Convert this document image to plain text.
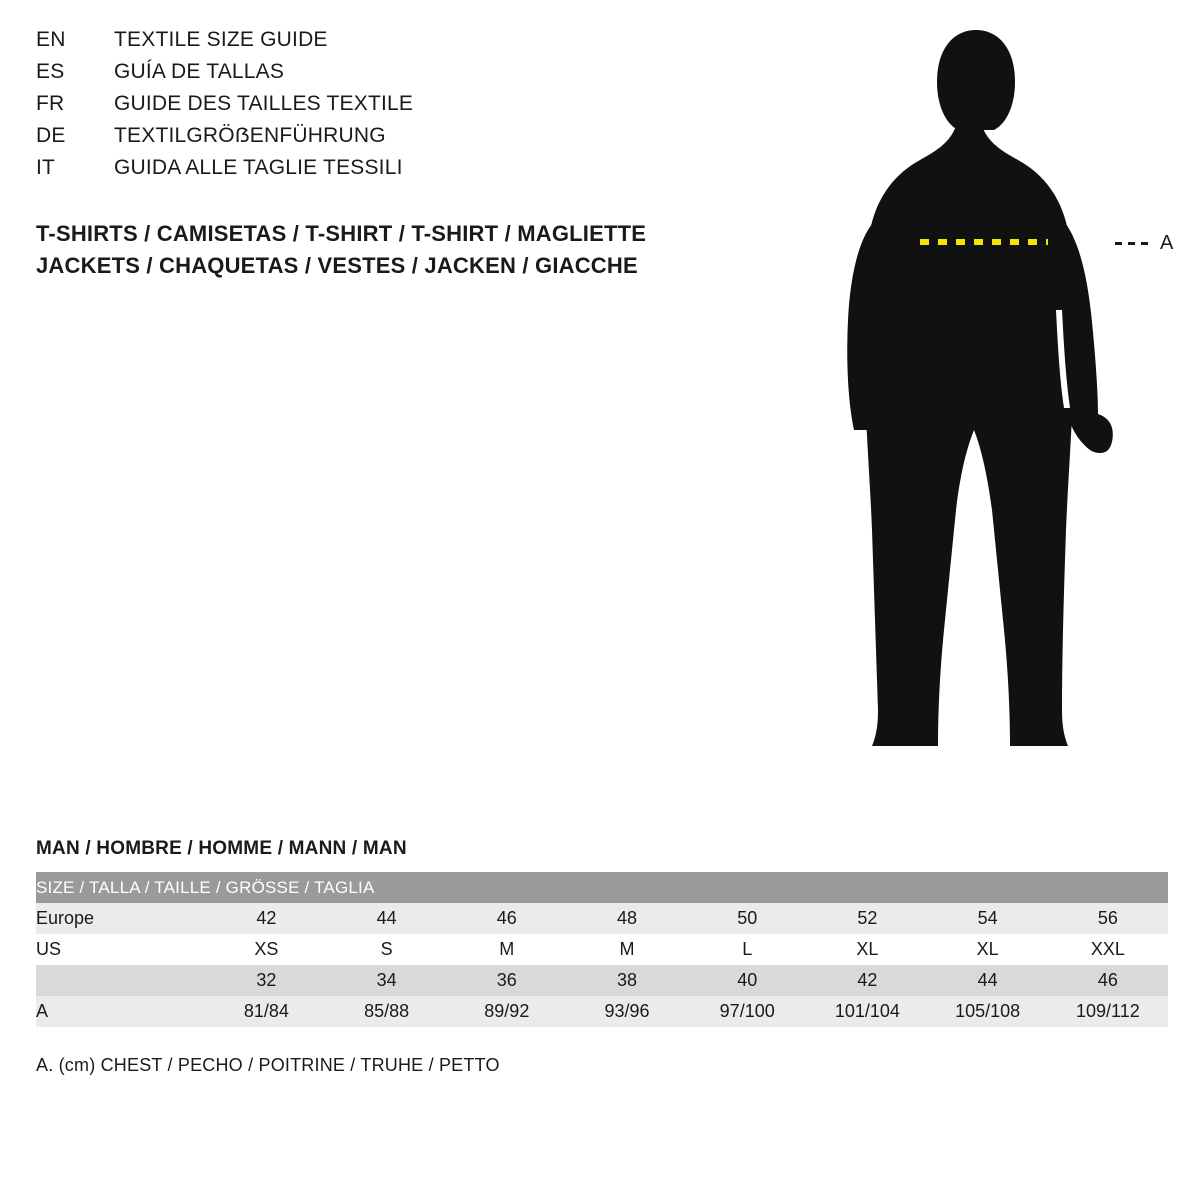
EN	TEXTILE SIZE GUIDE
ES	GUÍA DE TALLAS
FR	GUIDE DES TAILLES TEXTILE
DE	TEXTILGRÖẞENFÜHRUNG
IT	GUIDA ALLE TAGLIE TESSILI
T-SHIRTS / CAMISETAS / T-SHIRT / T-SHIRT / MAGLIETTE
JACKETS / CHAQUETAS / VESTES / JACKEN / GIACCHE
A
MAN / HOMBRE / HOMME / MANN / MAN
SIZE / TALLA / TAILLE / GRÖSSE / TAGLIA								
Europe	42	44	46	48	50	52	54	56
US	XS	S	M	M	L	XL	XL	XXL
	32	34	36	38	40	42	44	46
A	81/84	85/88	89/92	93/96	97/100	101/104	105/108	109/112
A. (cm) CHEST / PECHO / POITRINE / TRUHE / PETTO
